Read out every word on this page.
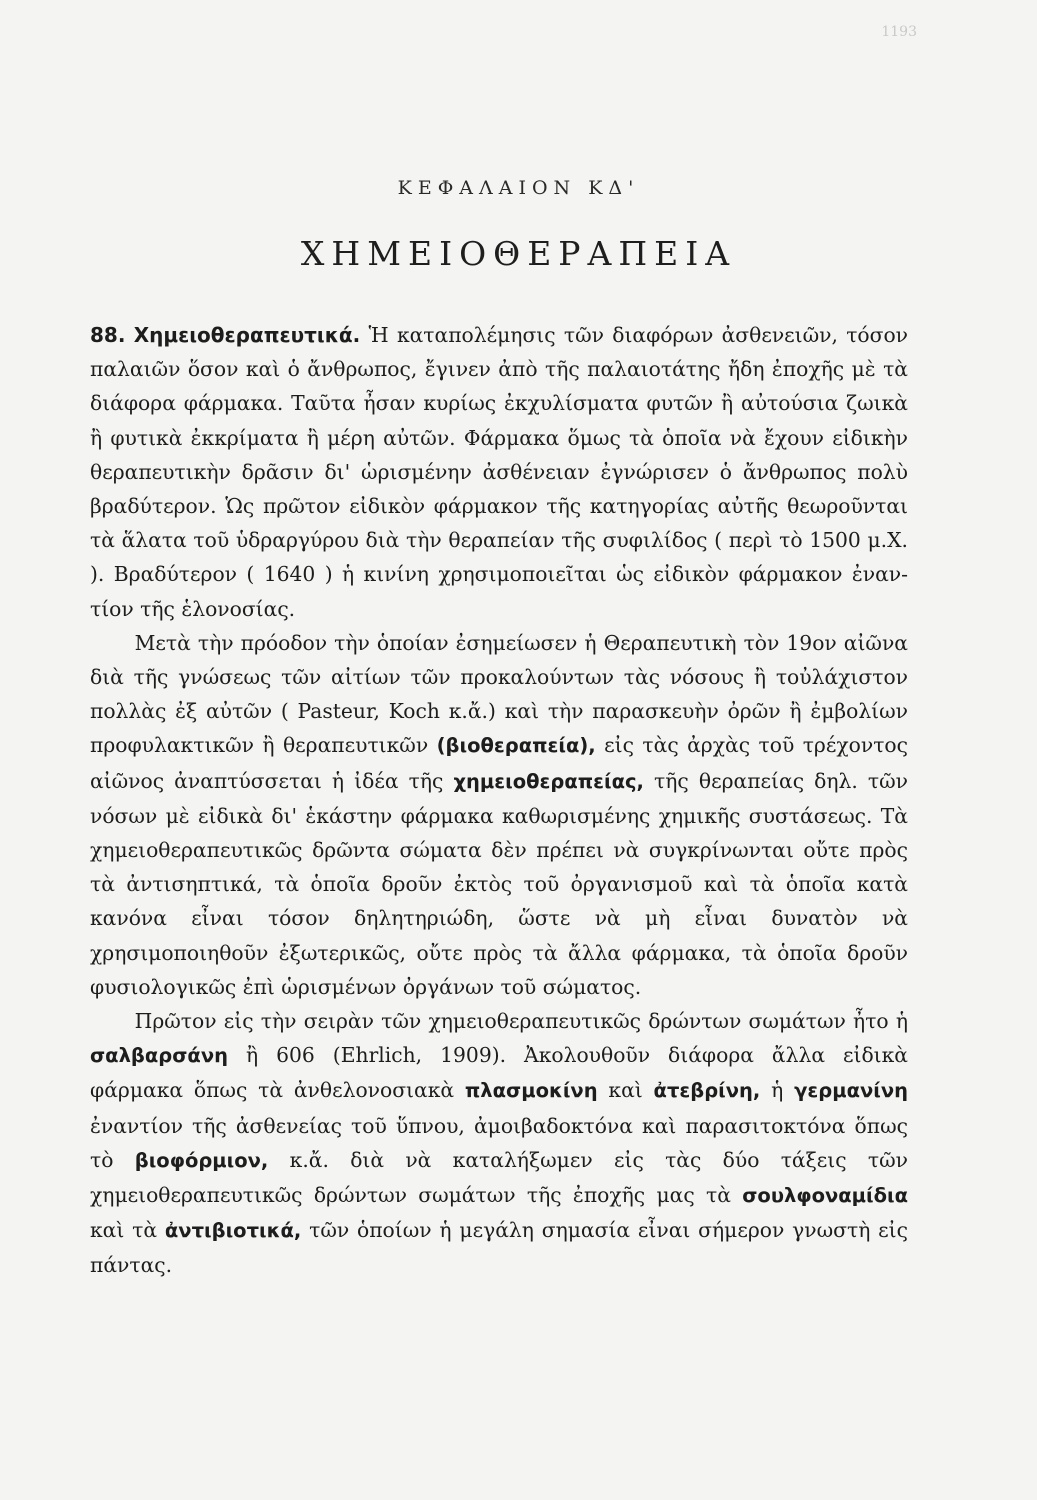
1193
ΚΕΦΑΛΑΙΟΝ ΚΔ'
ΧΗΜΕΙΟΘΕΡΑΠΕΙΑ

88. Χημειοθεραπευτικά. Ἡ καταπολέμησις τῶν διαφόρων ἀσθενειῶν, τόσον παλαιῶν ὅσον καὶ ὁ ἄνθρωπος, ἔγινεν ἀπὸ τῆς παλαιοτάτης ἤδη ἐποχῆς μὲ τὰ διάφορα φάρμακα. Ταῦτα ἦσαν κυρίως ἐκχυλίσματα φυτῶν ἢ αὐτούσια ζωικὰ ἢ φυτικὰ ἐκκρίματα ἢ μέρη αὐτῶν. Φάρμακα ὅμως τὰ ὁποῖα νὰ ἔχουν εἰδικὴν θεραπευτικὴν δρᾶσιν δι' ὡρισμένην ἀσθένειαν ἐγνώρισεν ὁ ἄνθρωπος πολὺ βραδύτερον. Ὡς πρῶτον εἰδικὸν φάρμακον τῆς κατηγορίας αὐτῆς θεωροῦνται τὰ ἅλατα τοῦ ὑδραργύρου διὰ τὴν θεραπείαν τῆς συφιλίδος ( περὶ τὸ 1500 μ.Χ. ). Βραδύτερον ( 1640 ) ἡ κινίνη χρησιμοποιεῖται ὡς εἰδικὸν φάρμακον ἐναντίον τῆς ἑλονοσίας.

Μετὰ τὴν πρόοδον τὴν ὁποίαν ἐσημείωσεν ἡ Θεραπευτικὴ τὸν 19ον αἰῶνα διὰ τῆς γνώσεως τῶν αἰτίων τῶν προκαλούντων τὰς νόσους ἢ τοὐλάχιστον πολλὰς ἐξ αὐτῶν ( Pasteur, Koch κ.ἄ.) καὶ τὴν παρασκευὴν ὀρῶν ἢ ἐμβολίων προφυλακτικῶν ἢ θεραπευτικῶν (βιοθεραπεία), εἰς τὰς ἀρχὰς τοῦ τρέχοντος αἰῶνος ἀναπτύσσεται ἡ ἰδέα τῆς χημειοθεραπείας, τῆς θεραπείας δηλ. τῶν νόσων μὲ εἰδικὰ δι' ἑκάστην φάρμακα καθωρισμένης χημικῆς συστάσεως. Τὰ χημειοθεραπευτικῶς δρῶντα σώματα δὲν πρέπει νὰ συγκρίνωνται οὔτε πρὸς τὰ ἀντισηπτικά, τὰ ὁποῖα δροῦν ἐκτὸς τοῦ ὀργανισμοῦ καὶ τὰ ὁποῖα κατὰ κανόνα εἶναι τόσον δηλητηριώδη, ὥστε νὰ μὴ εἶναι δυνατὸν νὰ χρησιμοποιηθοῦν ἐξωτερικῶς, οὔτε πρὸς τὰ ἄλλα φάρμακα, τὰ ὁποῖα δροῦν φυσιολογικῶς ἐπὶ ὡρισμένων ὀργάνων τοῦ σώματος.

Πρῶτον εἰς τὴν σειρὰν τῶν χημειοθεραπευτικῶς δρώντων σωμάτων ἦτο ἡ σαλβαρσάνη ἢ 606 (Ehrlich, 1909). Ἀκολουθοῦν διάφορα ἄλλα εἰδικὰ φάρμακα ὅπως τὰ ἀνθελονοσιακὰ πλασμοκίνη καὶ ἀτεβρίνη, ἡ γερμανίνη ἐναντίον τῆς ἀσθενείας τοῦ ὕπνου, ἀμοιβαδοκτόνα καὶ παρασιτοκτόνα ὅπως τὸ βιοφόρμιον, κ.ἄ. διὰ νὰ καταλήξωμεν εἰς τὰς δύο τάξεις τῶν χημειοθεραπευτικῶς δρώντων σωμάτων τῆς ἐποχῆς μας τὰ σουλφοναμίδια καὶ τὰ ἀντιβιοτικά, τῶν ὁποίων ἡ μεγάλη σημασία εἶναι σήμερον γνωστὴ εἰς πάντας.
